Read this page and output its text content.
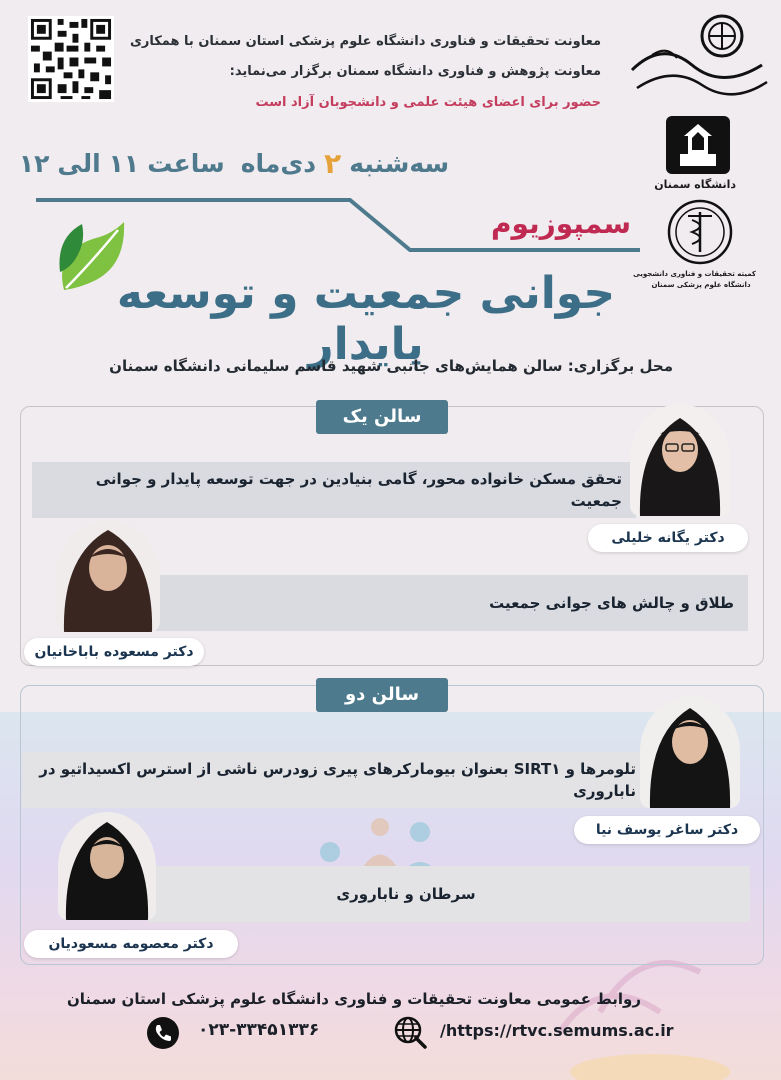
معاونت تحقیقات و فناوری دانشگاه علوم پزشکی استان سمنان با همکاری
معاونت پژوهش و فناوری دانشگاه سمنان برگزار می‌نماید:
حضور برای اعضای هیئت علمی و دانشجوبان آزاد است
دانشگاه سمنان
کمیته تحقیقات و فناوری دانشجویی
دانشگاه علوم پزشکی سمنان
سه‌شنبه
۲
دی‌ماه
ساعت
۱۱
الی
۱۲
سمپوزیوم
جوانی جمعیت و توسعه پایدار
محل برگزاری: سالن همایش‌های جانبی شهید قاسم سلیمانی دانشگاه سمنان
سالن یک
تحقق مسکن خانواده محور، گامی بنیادین در جهت توسعه پایدار و جوانی جمعیت
دکتر یگانه خلیلی
طلاق و چالش های جوانی جمعیت
دکتر مسعوده باباخانیان
سالن دو
تلومرها و SIRT۱ بعنوان بیومارکرهای پیری زودرس ناشی از استرس اکسیداتیو در ناباروری
دکتر ساغر یوسف نیا
سرطان و ناباروری
دکتر معصومه مسعودیان
روابط عمومی معاونت تحقیقات و فناوری دانشگاه علوم پزشکی استان سمنان
۰۲۳-۳۳۴۵۱۳۳۶	/https://rtvc.semums.ac.ir
